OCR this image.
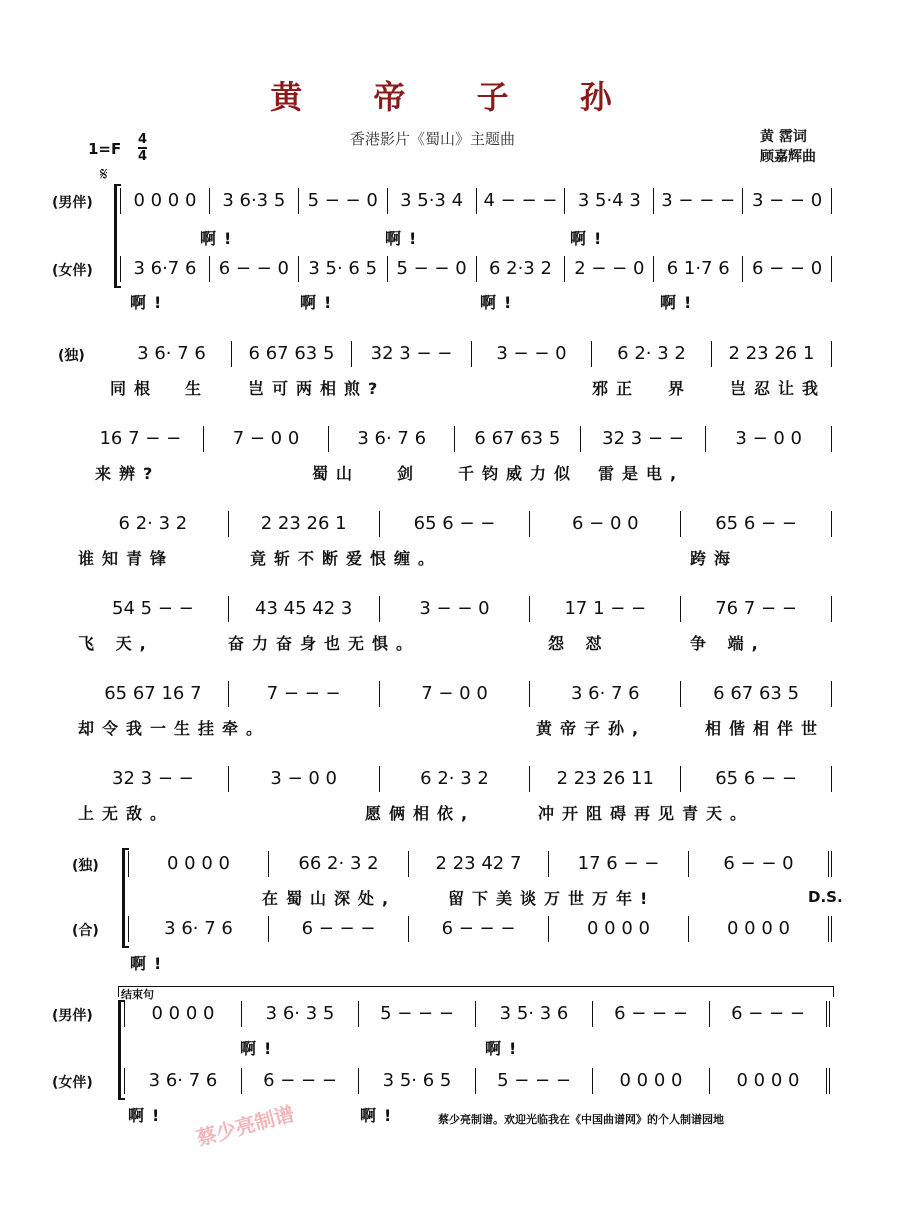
黄 帝 子 孙
香港影片《蜀山》主题曲	黄 霑词
顾嘉辉曲
$1=F \frac{4}{4}$
𝄋
D.S.
结束句
蔡少亮制谱。欢迎光临我在《中国曲谱网》的个人制谱园地
蔡少亮制谱
(男伴)	0 0 0 0	3 6·3 5	5 − − 0	3 5·3 4	4 − − −	3 5·4 3	3 − − − 3 − − 0
啊!	啊!	啊!
(女伴)	3 6·7 6	6 − − 0	3 5· 6 5	5 − − 0	6 2·3 2	2 − − 0	6 1·7 6	6 − − 0
啊!	啊!	啊!	啊!
(独)	3 6· 7 6	6 67 63 5	32 3 − −	3 − − 0	6 2· 3 2	2 23 26 1
同根 生 岂可两相煎?	邪正 界 岂忍让我
16 7 − −	7 − 0 0	3 6· 7 6	6 67 63 5	32 3 − −	3 − 0 0
来辨?	蜀山 剑 千钧威力似 雷是电,
6 2· 3 2	2 23 26 1	65 6 − −	6 − 0 0	65 6 − −
谁知青锋	竟斩不断爱恨缠。	跨海
54 5 − −	43 45 42 3	3 − − 0	17 1 − −	76 7 − −
飞 天,	奋力奋身也无惧。	怨 怼	争 端,
65 67 16 7	7 − − −	7 − 0 0	3 6· 7 6	6 67 63 5
却令我一生挂牵。	黄帝子孙,	相偕相伴世
32 3 − −	3 − 0 0	6 2· 3 2	2 23 26 11	65 6 − −
上无敌。	愿俩相依,	冲开阻碍再见青天。
(独)	0 0 0 0	66 2· 3 2	2 23 42 7	17 6 − −	6 − − 0
在蜀山深处,	留下美谈万世万年!
(合)	3 6· 7 6	6 − − −	6 − − −	0 0 0 0	0 0 0 0
啊!
(男伴)	0 0 0 0	3 6· 3 5	5 − − −	3 5· 3 6	6 − − −	6 − − −
啊!	啊!
(女伴)	3 6· 7 6	6 − − −	3 5· 6 5	5 − − −	0 0 0 0	0 0 0 0
啊!	啊!
